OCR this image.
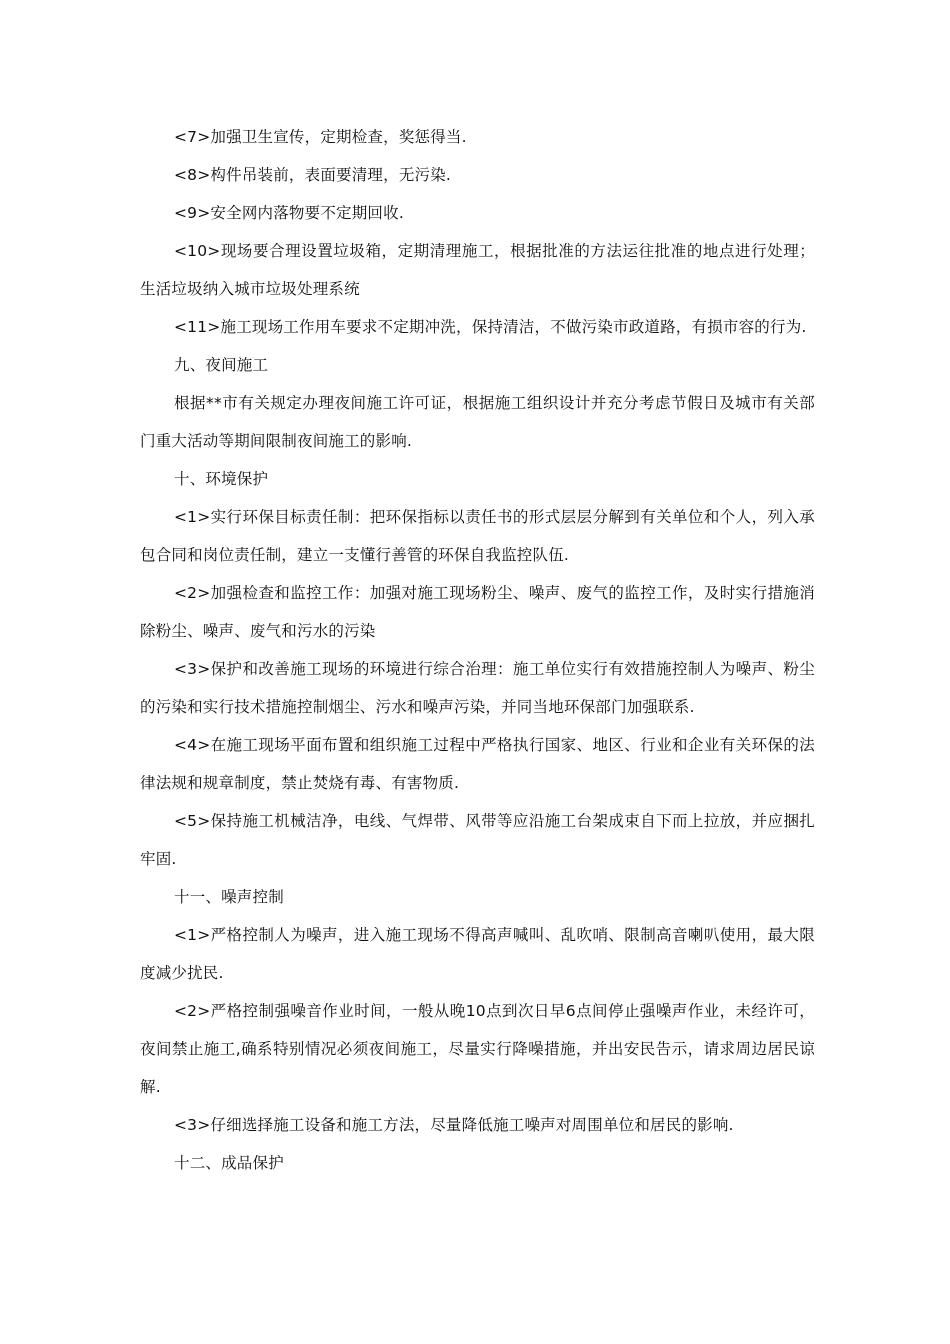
<7>加强卫生宣传，定期检查，奖惩得当.

<8>构件吊装前，表面要清理，无污染.

<9>安全网内落物要不定期回收.

<10>现场要合理设置垃圾箱，定期清理施工，根据批准的方法运往批准的地点进行处理；生活垃圾纳入城市垃圾处理系统

<11>施工现场工作用车要求不定期冲洗，保持清洁，不做污染市政道路，有损市容的行为.

九、夜间施工

根据**市有关规定办理夜间施工许可证，根据施工组织设计并充分考虑节假日及城市有关部门重大活动等期间限制夜间施工的影响.

十、环境保护

<1>实行环保目标责任制：把环保指标以责任书的形式层层分解到有关单位和个人，列入承包合同和岗位责任制，建立一支懂行善管的环保自我监控队伍.

<2>加强检查和监控工作：加强对施工现场粉尘、噪声、废气的监控工作，及时实行措施消除粉尘、噪声、废气和污水的污染

<3>保护和改善施工现场的环境进行综合治理：施工单位实行有效措施控制人为噪声、粉尘的污染和实行技术措施控制烟尘、污水和噪声污染，并同当地环保部门加强联系.

<4>在施工现场平面布置和组织施工过程中严格执行国家、地区、行业和企业有关环保的法律法规和规章制度，禁止焚烧有毒、有害物质.

<5>保持施工机械洁净，电线、气焊带、风带等应沿施工台架成束自下而上拉放，并应捆扎牢固.

十一、噪声控制

<1>严格控制人为噪声，进入施工现场不得高声喊叫、乱吹哨、限制高音喇叭使用，最大限度减少扰民.

<2>严格控制强噪音作业时间，一般从晚10点到次日早6点间停止强噪声作业，未经许可，夜间禁止施工,确系特别情况必须夜间施工，尽量实行降噪措施，并出安民告示，请求周边居民谅解.

<3>仔细选择施工设备和施工方法，尽量降低施工噪声对周围单位和居民的影响.

十二、成品保护
